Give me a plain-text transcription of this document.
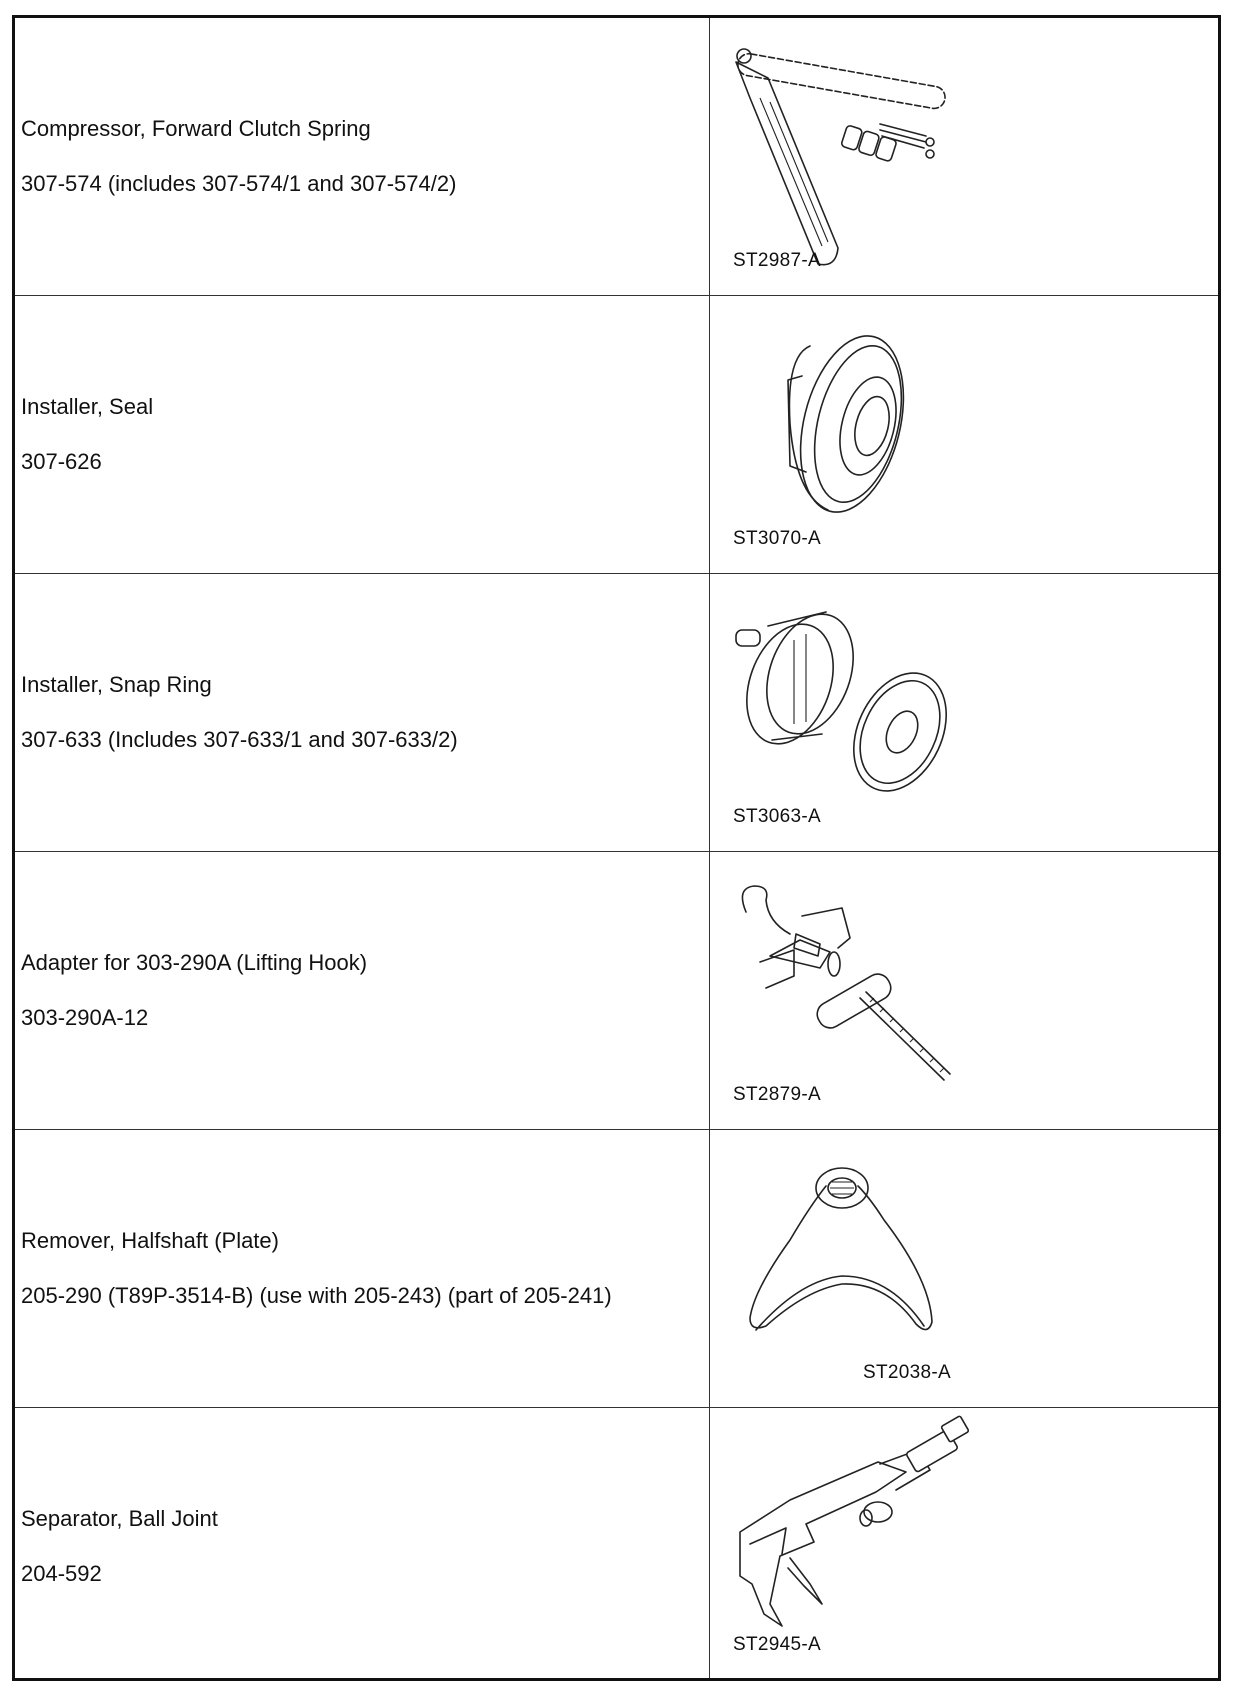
Compressor, Forward Clutch Spring
307-574 (includes 307-574/1 and 307-574/2)
ST2987-A
Installer, Seal
307-626
ST3070-A
Installer, Snap Ring
307-633 (Includes 307-633/1 and 307-633/2)
ST3063-A
Adapter for 303-290A (Lifting Hook)
303-290A-12
ST2879-A
Remover, Halfshaft (Plate)
205-290 (T89P-3514-B) (use with 205-243) (part of 205-241)
ST2038-A
Separator, Ball Joint
204-592
ST2945-A
